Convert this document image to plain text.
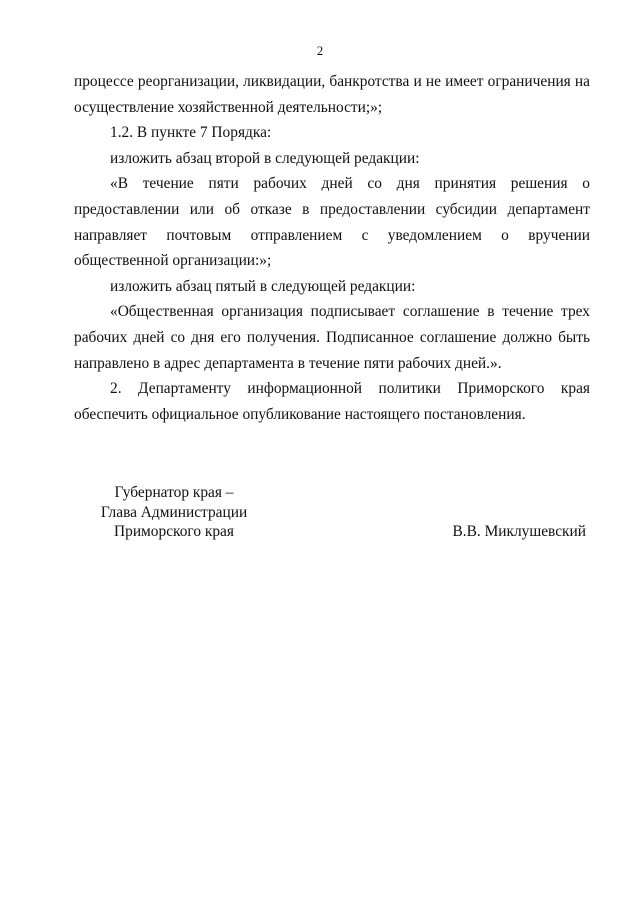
2

процессе реорганизации, ликвидации, банкротства и не имеет ограничения на осуществление хозяйственной деятельности;»;

1.2. В пункте 7 Порядка:

изложить абзац второй в следующей редакции:

«В течение пяти рабочих дней со дня принятия решения о предоставлении или об отказе в предоставлении субсидии департамент направляет почтовым отправлением с уведомлением о вручении общественной организации:»;

изложить абзац пятый в следующей редакции:

«Общественная организация подписывает соглашение в течение трех рабочих дней со дня его получения. Подписанное соглашение должно быть направлено в адрес департамента в течение пяти рабочих дней.».

2. Департаменту информационной политики Приморского края
обеспечить официальное опубликование настоящего постановления.
Губернатор края –
Глава Администрации
Приморского края	В.В. Миклушевский
